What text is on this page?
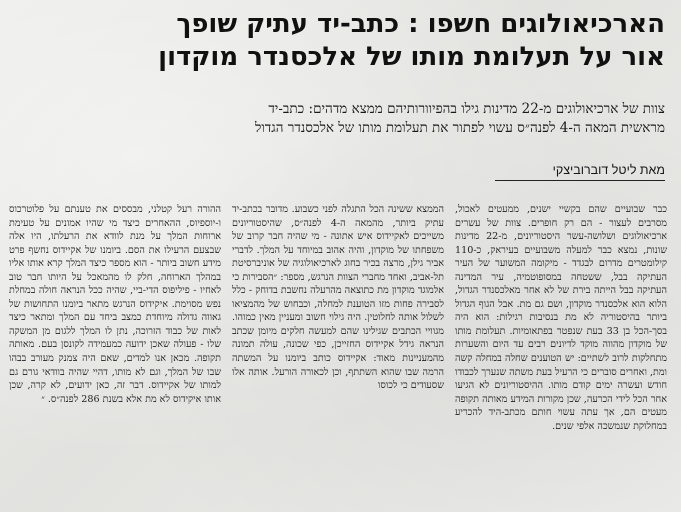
הארכיאולוגים חשפו : כתב-יד עתיק שופך
אור על תעלומת מותו של אלכסנדר מוקדון
צוות של ארכיאולוגים מ-22 מדינות גילו בהפיוורותיהם ממצא מדהים: כתב-יד
מראשית המאה ה-4 לפנה״ס עשוי לפתור את תעלומת מותו של אלכסנדר הגדול
מאת ליטל דוברוביצקי

כבר שבועיים שהם בקשיי ישנים, ממעטים לאכול, מסרבים לעצור - הם רק חופרים. צוות של עשרים ארכיאולוגים ושלושה-עשר היסטוריונים, מ-22 מדינות שונות, נמצא כבר למעלה משבועיים בעיראק, כ-110 קילומטרים מדרום לבגדד - מיקומה המשוער של העיר העתיקה בבל, ששטחה במסופוטמיה, עיר המדינה העתיקה בבל הייתה בירת של לא אחר מאלכסנדר הגדול, הלוא הוא אלכסנדר מוקדון, ושם גם מת. אבל הגוף הגדול ביותר בהיסטוריה לא מת בנסיבות רגילות: הוא היה בסך-הכל בן 33 בעת שנפטר בפתאומיות. תעלומת מותו של מוקדון מהווה מוקד לדיונים רבים עד היום והשערות מתחלקות לרוב לשתיים: יש הטוענים שחלה במחלה קשה ומת, ואחרים סוברים כי הרעיל בעת משתה שנערך לכבודו חודש ועשרה ימים קודם מותו. ההיסטוריונים לא הגיעו אחר הכל לידי הכרעה, שכן מקורות המידע מאותה תקופה מעטים הם, אך עתה עשוי חותם מכתב-היד להכריע במחלוקת שנמשכה אלפי שנים.

הממצא ששינה הכל התגלה לפני כשבוע. מדובר בכתב-יד עתיק ביותר, מהמאה ה-4 לפנה״ס, שהיסטוריונים משייכים לאקיידוס איש אתונה - מי שהיה חבר קרוב של משפחתו של מוקדון, והיה אהוב במיוחד על המלך. לדברי אביר גילן, מרצה בכיר בחוג לארכיאולוגיה של אוניברסיטת תל-אביב, ואחד מחברי הצוות הנרגש, מספר: ״הסבירות כי אלמוגד מוקדון מת כתוצאה מהרעלה נחשבת בדוחק - כלל לסבירה פחות מזו הטוענת למחלה, וכבחוש של מהמציאו לשלול אותה לחלוטין. היה גילוי חשוב ומעניין מאין כמוהו. מגוויי הכתבים שגילינו שהם למעשה חלקים מיומן שכתב הנראה גידל אקיידוס החזייכן, כפי שכונה, עולה תמונה מהמעניינות מאוד: אקיידוס כותב ביומנו על המשתה הרמה שבו שהוא השתתף, וכן לכאורה הורעל. אותה אלו שסעודים כי לכוסו

ההורה רעל קטלני, מבססים את טענתם על פלוטרכוס ו-יוספיוס, ההאחרים כיצד מי שהיו אמונים על טעימת ארוחות המלך על מנת לוודא את הרעלתו, היו אלה שבצעם הרעילו את הסם. ביומנו של אקיידוס נחשף פרט מידע חשוב ביותר - הוא מספר כיצד המלך קרא אותו אליו במהלך הארוחה, חלק לו מהמאכל על היותו חבר טוב לאחיו - פיליפוס הדי-ביי, שהיה ככל הנראה חולה במחלת נפש מסוימת. איקידוס הנרגש מתאר ביומנו התחושות של גאווה גדולה מיוחדת כמצב ביחד עם המלך ומתאר כיצד לאות של כבוד הזרוכה, נתן לו המלך ללגום מן המשקה שלו - פעולה שאכן ידועה כמעמידה לקונסן בעם. מאותה תקופה. מכאן אנו למדים, שאם היה צמנק מעורב בבהו שבו של המלך, וגם לא מותו, דהיי שהיה בוודאי גורם גם למותו של אקיידוס. דבר זה, כאן ידועים, לא קרה, שכן אותו איקידוס לא מת אלא בשנת 286 לפנה״ס. ״
